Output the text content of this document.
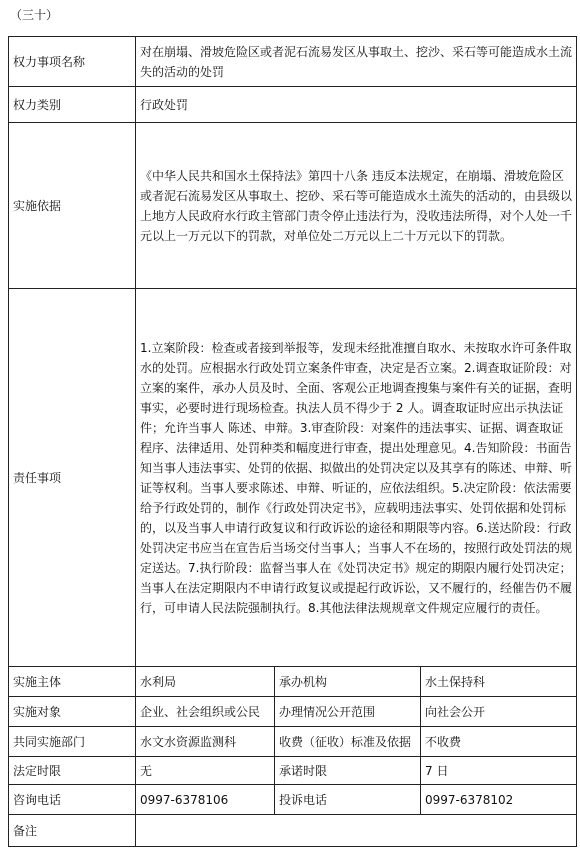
（三十）
权力事项名称	对在崩塌、滑坡危险区或者泥石流易发区从事取土、挖沙、采石等可能造成水土流失的活动的处罚		
权力类别	行政处罚		
实施依据	《中华人民共和国水土保持法》第四十八条 违反本法规定，在崩塌、滑坡危险区或者泥石流易发区从事取土、挖砂、采石等可能造成水土流失的活动的，由县级以上地方人民政府水行政主管部门责令停止违法行为，没收违法所得，对个人处一千元以上一万元以下的罚款，对单位处二万元以上二十万元以下的罚款。		
责任事项	1.立案阶段：检查或者接到举报等，发现未经批准擅自取水、未按取水许可条件取水的处罚。应根据水行政处罚立案条件审查，决定是否立案。2.调查取证阶段：对立案的案件，承办人员及时、全面、客观公正地调查搜集与案件有关的证据，查明事实，必要时进行现场检查。执法人员不得少于 2 人。调查取证时应出示执法证件；允许当事人 陈述、申辩。3.审查阶段：对案件的违法事实、证据、调查取证程序、法律适用、处罚种类和幅度进行审查，提出处理意见。4.告知阶段：书面告知当事人违法事实、处罚的依据、拟做出的处罚决定以及其享有的陈述、申辩、听证等权利。当事人要求陈述、申辩、听证的，应依法组织。5.决定阶段：依法需要给予行政处罚的，制作《行政处罚决定书》，应载明违法事实、处罚依据和处罚标的，以及当事人申请行政复议和行政诉讼的途径和期限等内容。6.送达阶段：行政处罚决定书应当在宣告后当场交付当事人；当事人不在场的，按照行政处罚法的规定送达。7.执行阶段：监督当事人在《处罚决定书》规定的期限内履行处罚决定；当事人在法定期限内不申请行政复议或提起行政诉讼，又不履行的，经催告仍不履行，可申请人民法院强制执行。8.其他法律法规规章文件规定应履行的责任。		
实施主体	水利局	承办机构	水土保持科
实施对象	企业、社会组织或公民	办理情况公开范围	向社会公开
共同实施部门	水文水资源监测科	收费（征收）标准及依据	不收费
法定时限	无	承诺时限	7 日
咨询电话	0997-6378106	投诉电话	0997-6378102
备注			
